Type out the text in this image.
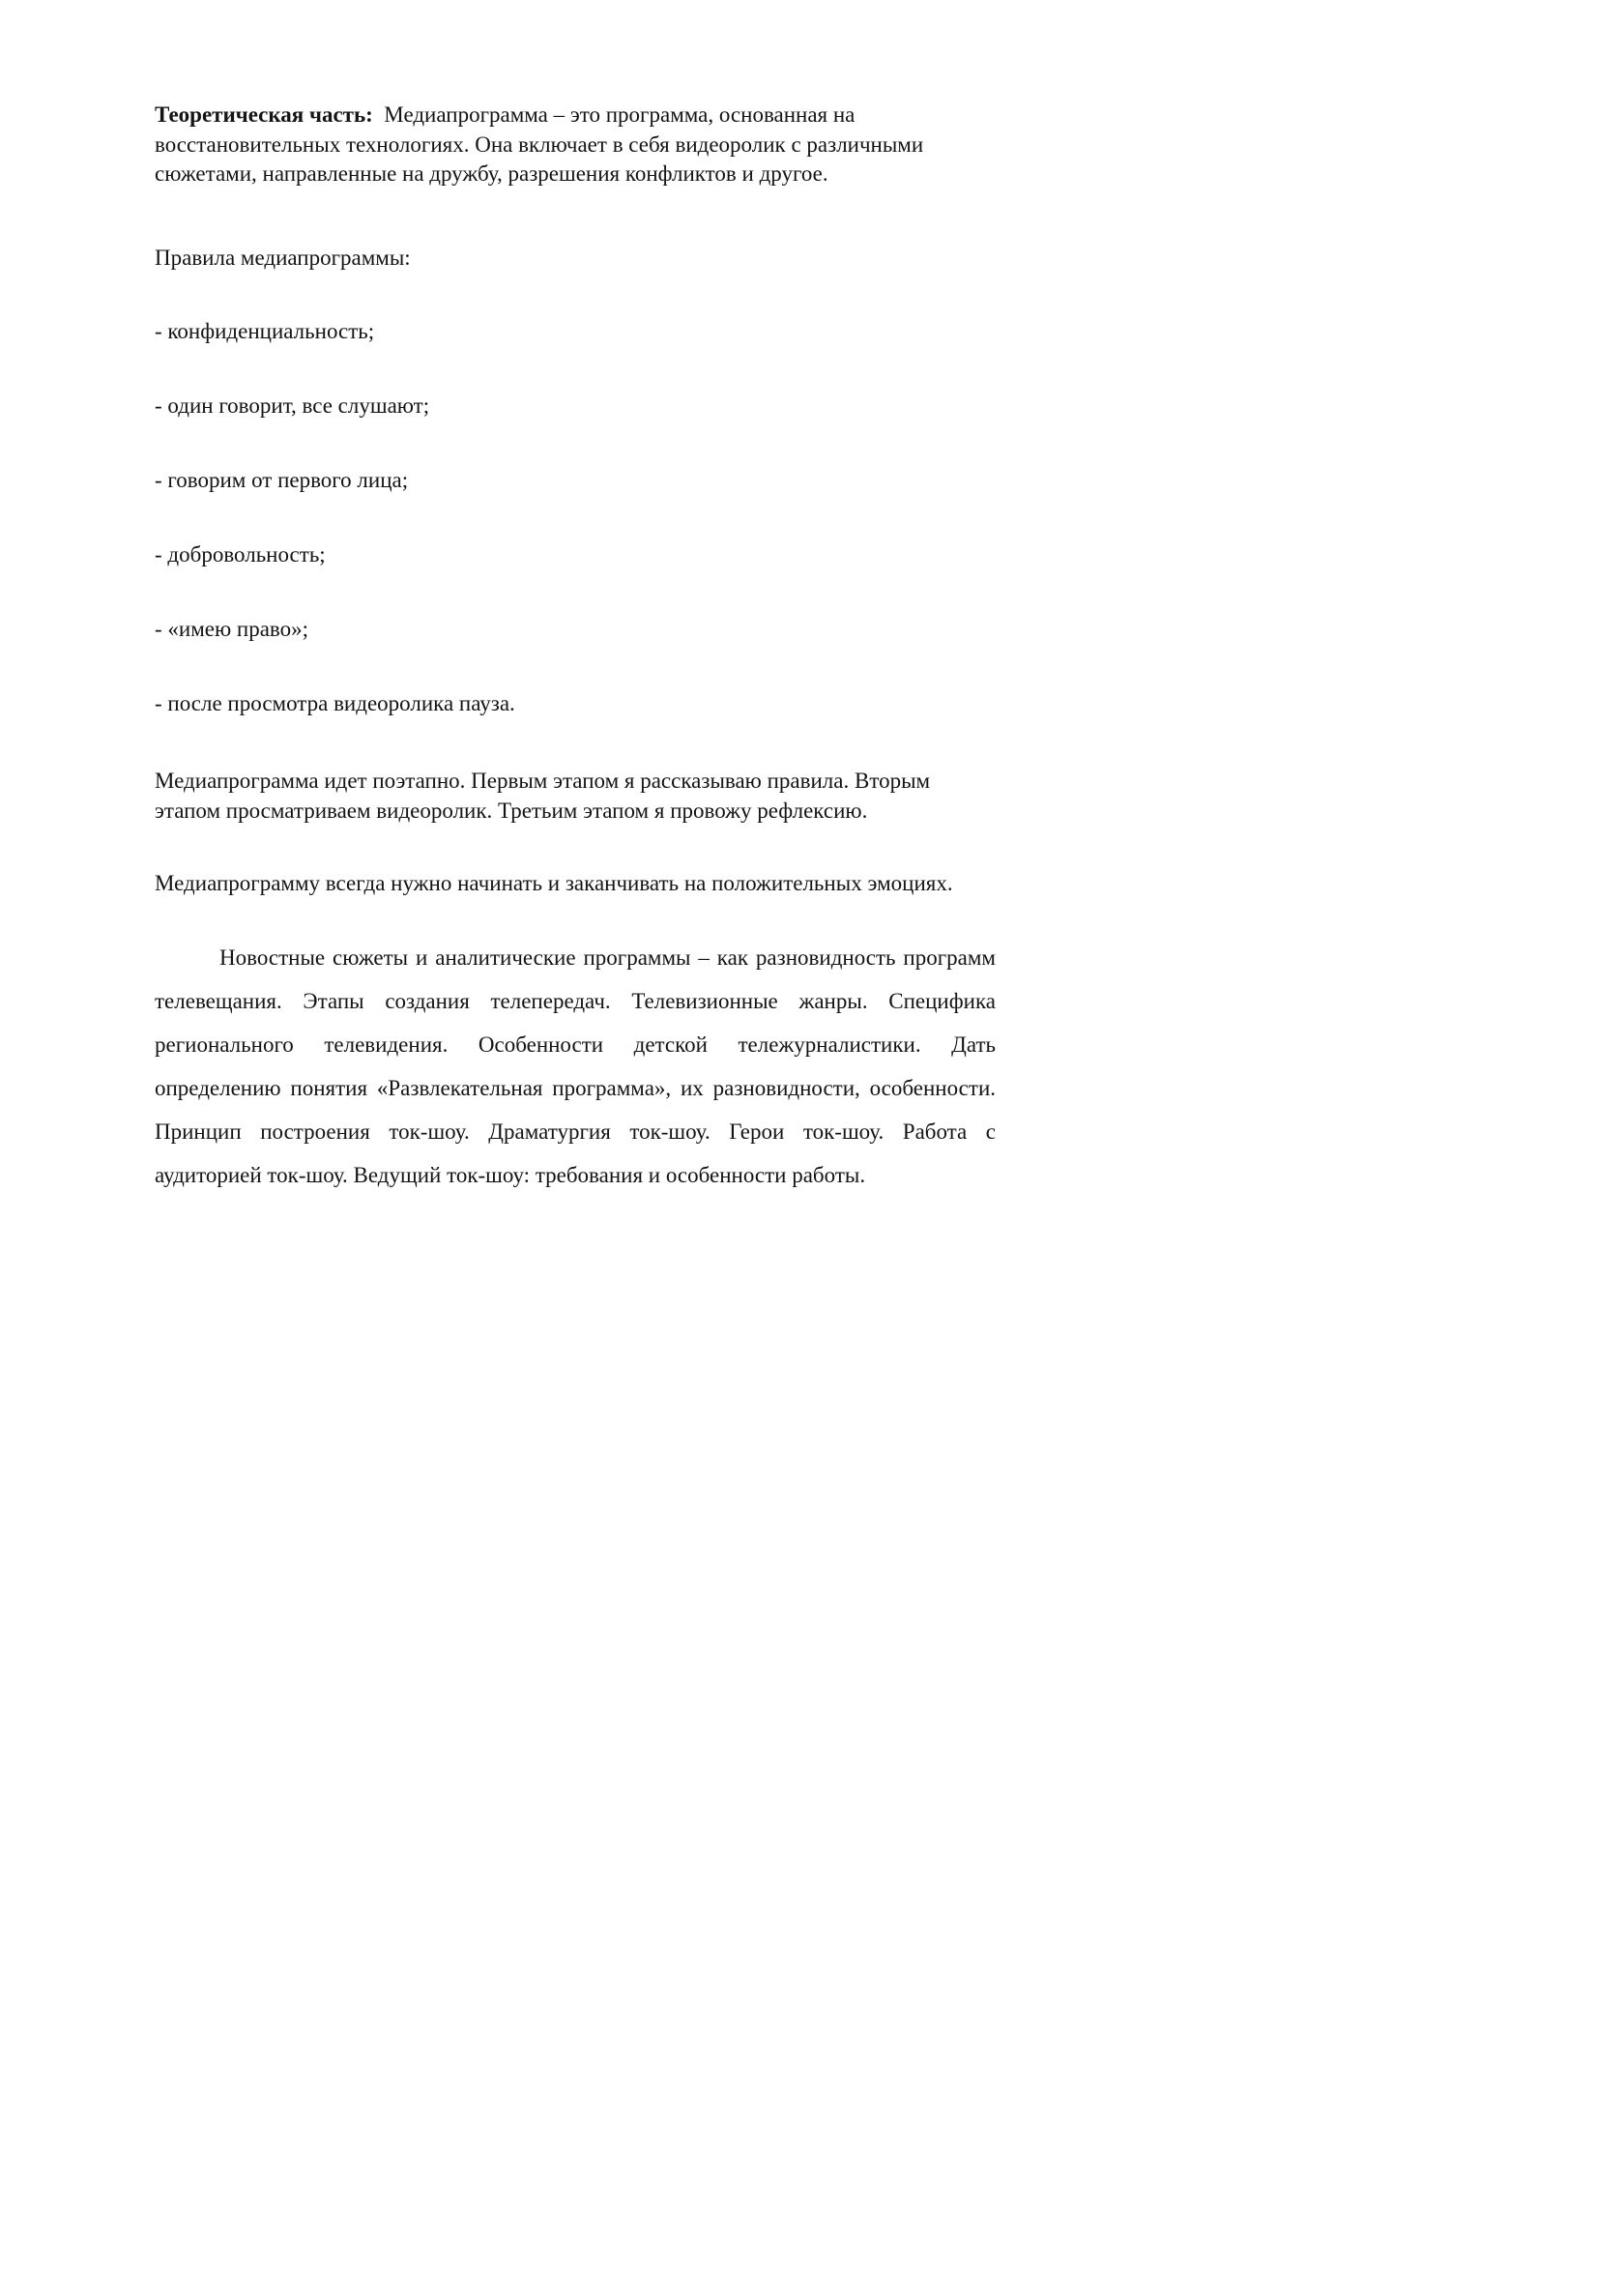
Теоретическая часть: Медиапрограмма – это программа, основанная на восстановительных технологиях. Она включает в себя видеоролик с различными сюжетами, направленные на дружбу, разрешения конфликтов и другое.

Правила медиапрограммы:

- конфиденциальность;

- один говорит, все слушают;

- говорим от первого лица;

- добровольность;

- «имею право»;

- после просмотра видеоролика пауза.

Медиапрограмма идет поэтапно. Первым этапом я рассказываю правила. Вторым этапом просматриваем видеоролик. Третьим этапом я провожу рефлексию.

Медиапрограмму всегда нужно начинать и заканчивать на положительных эмоциях.

Новостные сюжеты и аналитические программы – как разновидность программ телевещания. Этапы создания телепередач. Телевизионные жанры. Специфика регионального телевидения. Особенности детской тележурналистики. Дать определению понятия «Развлекательная программа», их разновидности, особенности. Принцип построения ток-шоу. Драматургия ток-шоу. Герои ток-шоу. Работа с аудиторией ток-шоу. Ведущий ток-шоу: требования и особенности работы.
